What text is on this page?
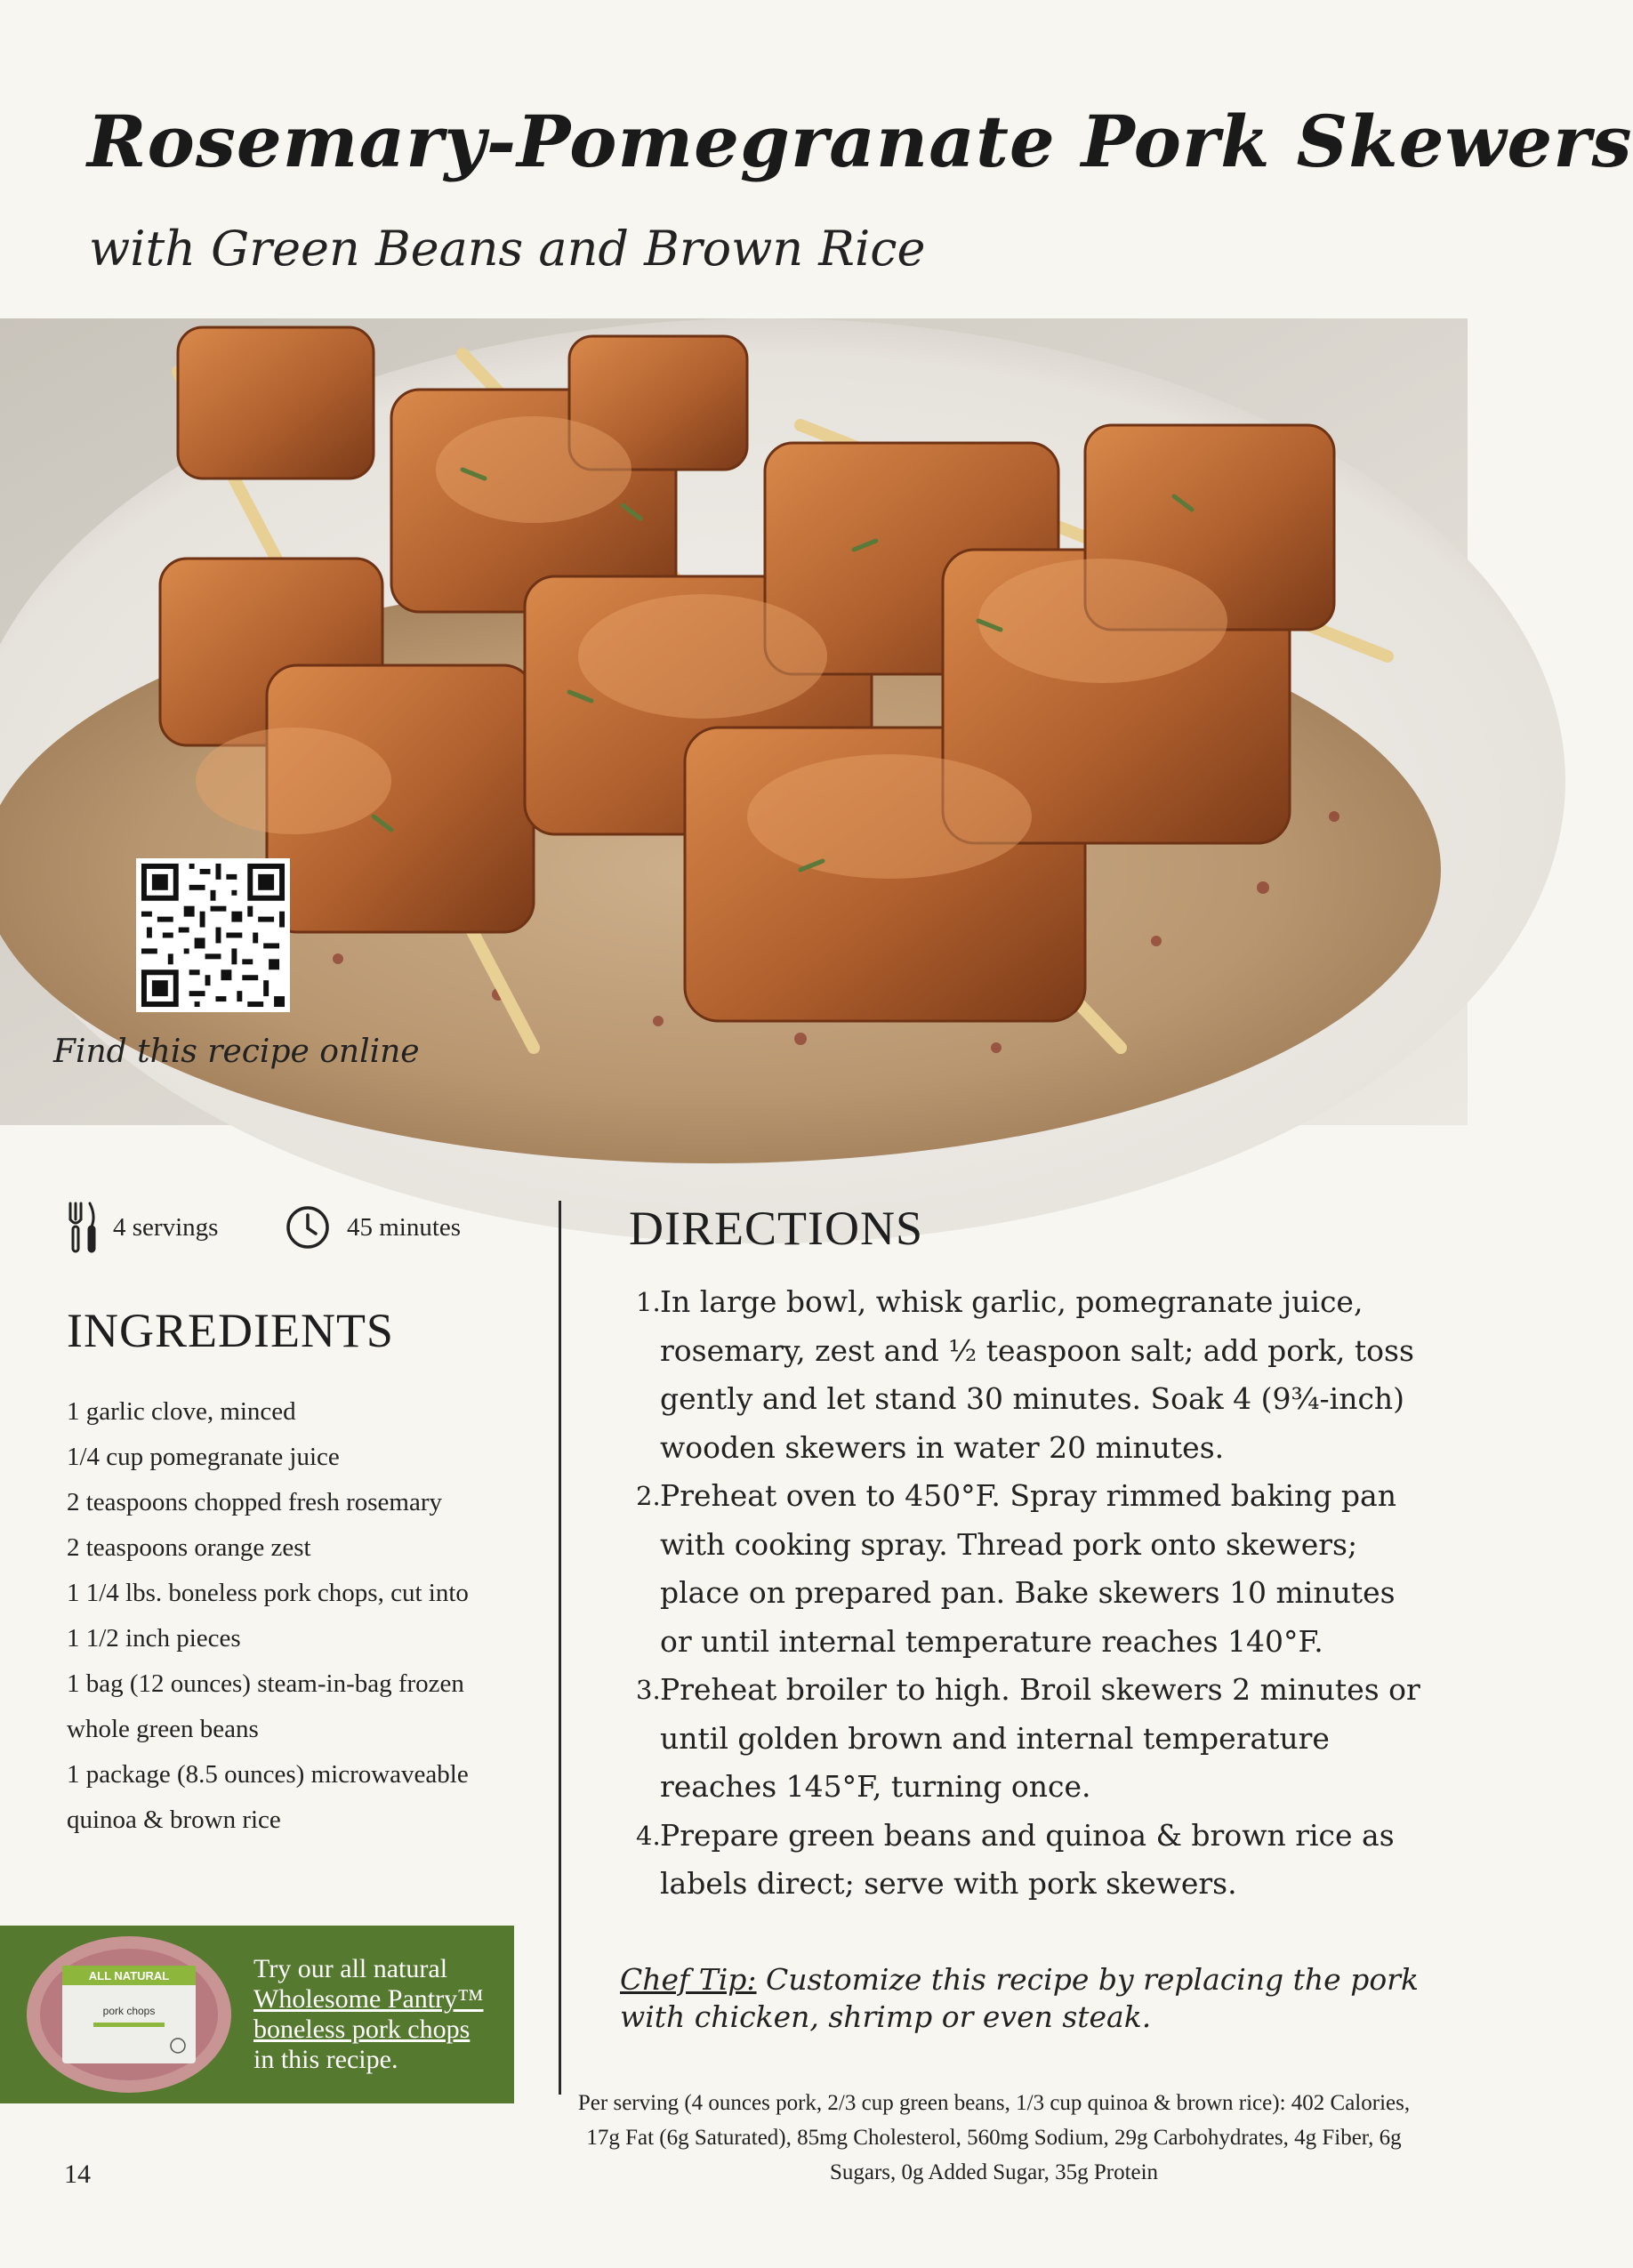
Rosemary-Pomegranate Pork Skewers
with Green Beans and Brown Rice
Find this recipe online
4 servings	45 minutes
INGREDIENTS
1 garlic clove, minced
1/4 cup pomegranate juice
2 teaspoons chopped fresh rosemary
2 teaspoons orange zest
1 1/4 lbs. boneless pork chops, cut into
1 1/2 inch pieces
1 bag (12 ounces) steam-in-bag frozen
whole green beans
1 package (8.5 ounces) microwaveable
quinoa & brown rice
DIRECTIONS
1. In large bowl, whisk garlic, pomegranate juice, rosemary, zest and ½ teaspoon salt; add pork, toss gently and let stand 30 minutes. Soak 4 (9¾-inch) wooden skewers in water 20 minutes.
2. Preheat oven to 450°F. Spray rimmed baking pan with cooking spray. Thread pork onto skewers; place on prepared pan. Bake skewers 10 minutes or until internal temperature reaches 140°F.
3. Preheat broiler to high. Broil skewers 2 minutes or until golden brown and internal temperature reaches 145°F, turning once.
4. Prepare green beans and quinoa & brown rice as labels direct; serve with pork skewers.
Chef Tip: Customize this recipe by replacing the pork with chicken, shrimp or even steak.
Per serving (4 ounces pork, 2/3 cup green beans, 1/3 cup quinoa & brown rice): 402 Calories, 17g Fat (6g Saturated), 85mg Cholesterol, 560mg Sodium, 29g Carbohydrates, 4g Fiber, 6g Sugars, 0g Added Sugar, 35g Protein
ALL NATURAL
pork chops
Try our all natural
Wholesome Pantry™
boneless pork chops
in this recipe.
14
